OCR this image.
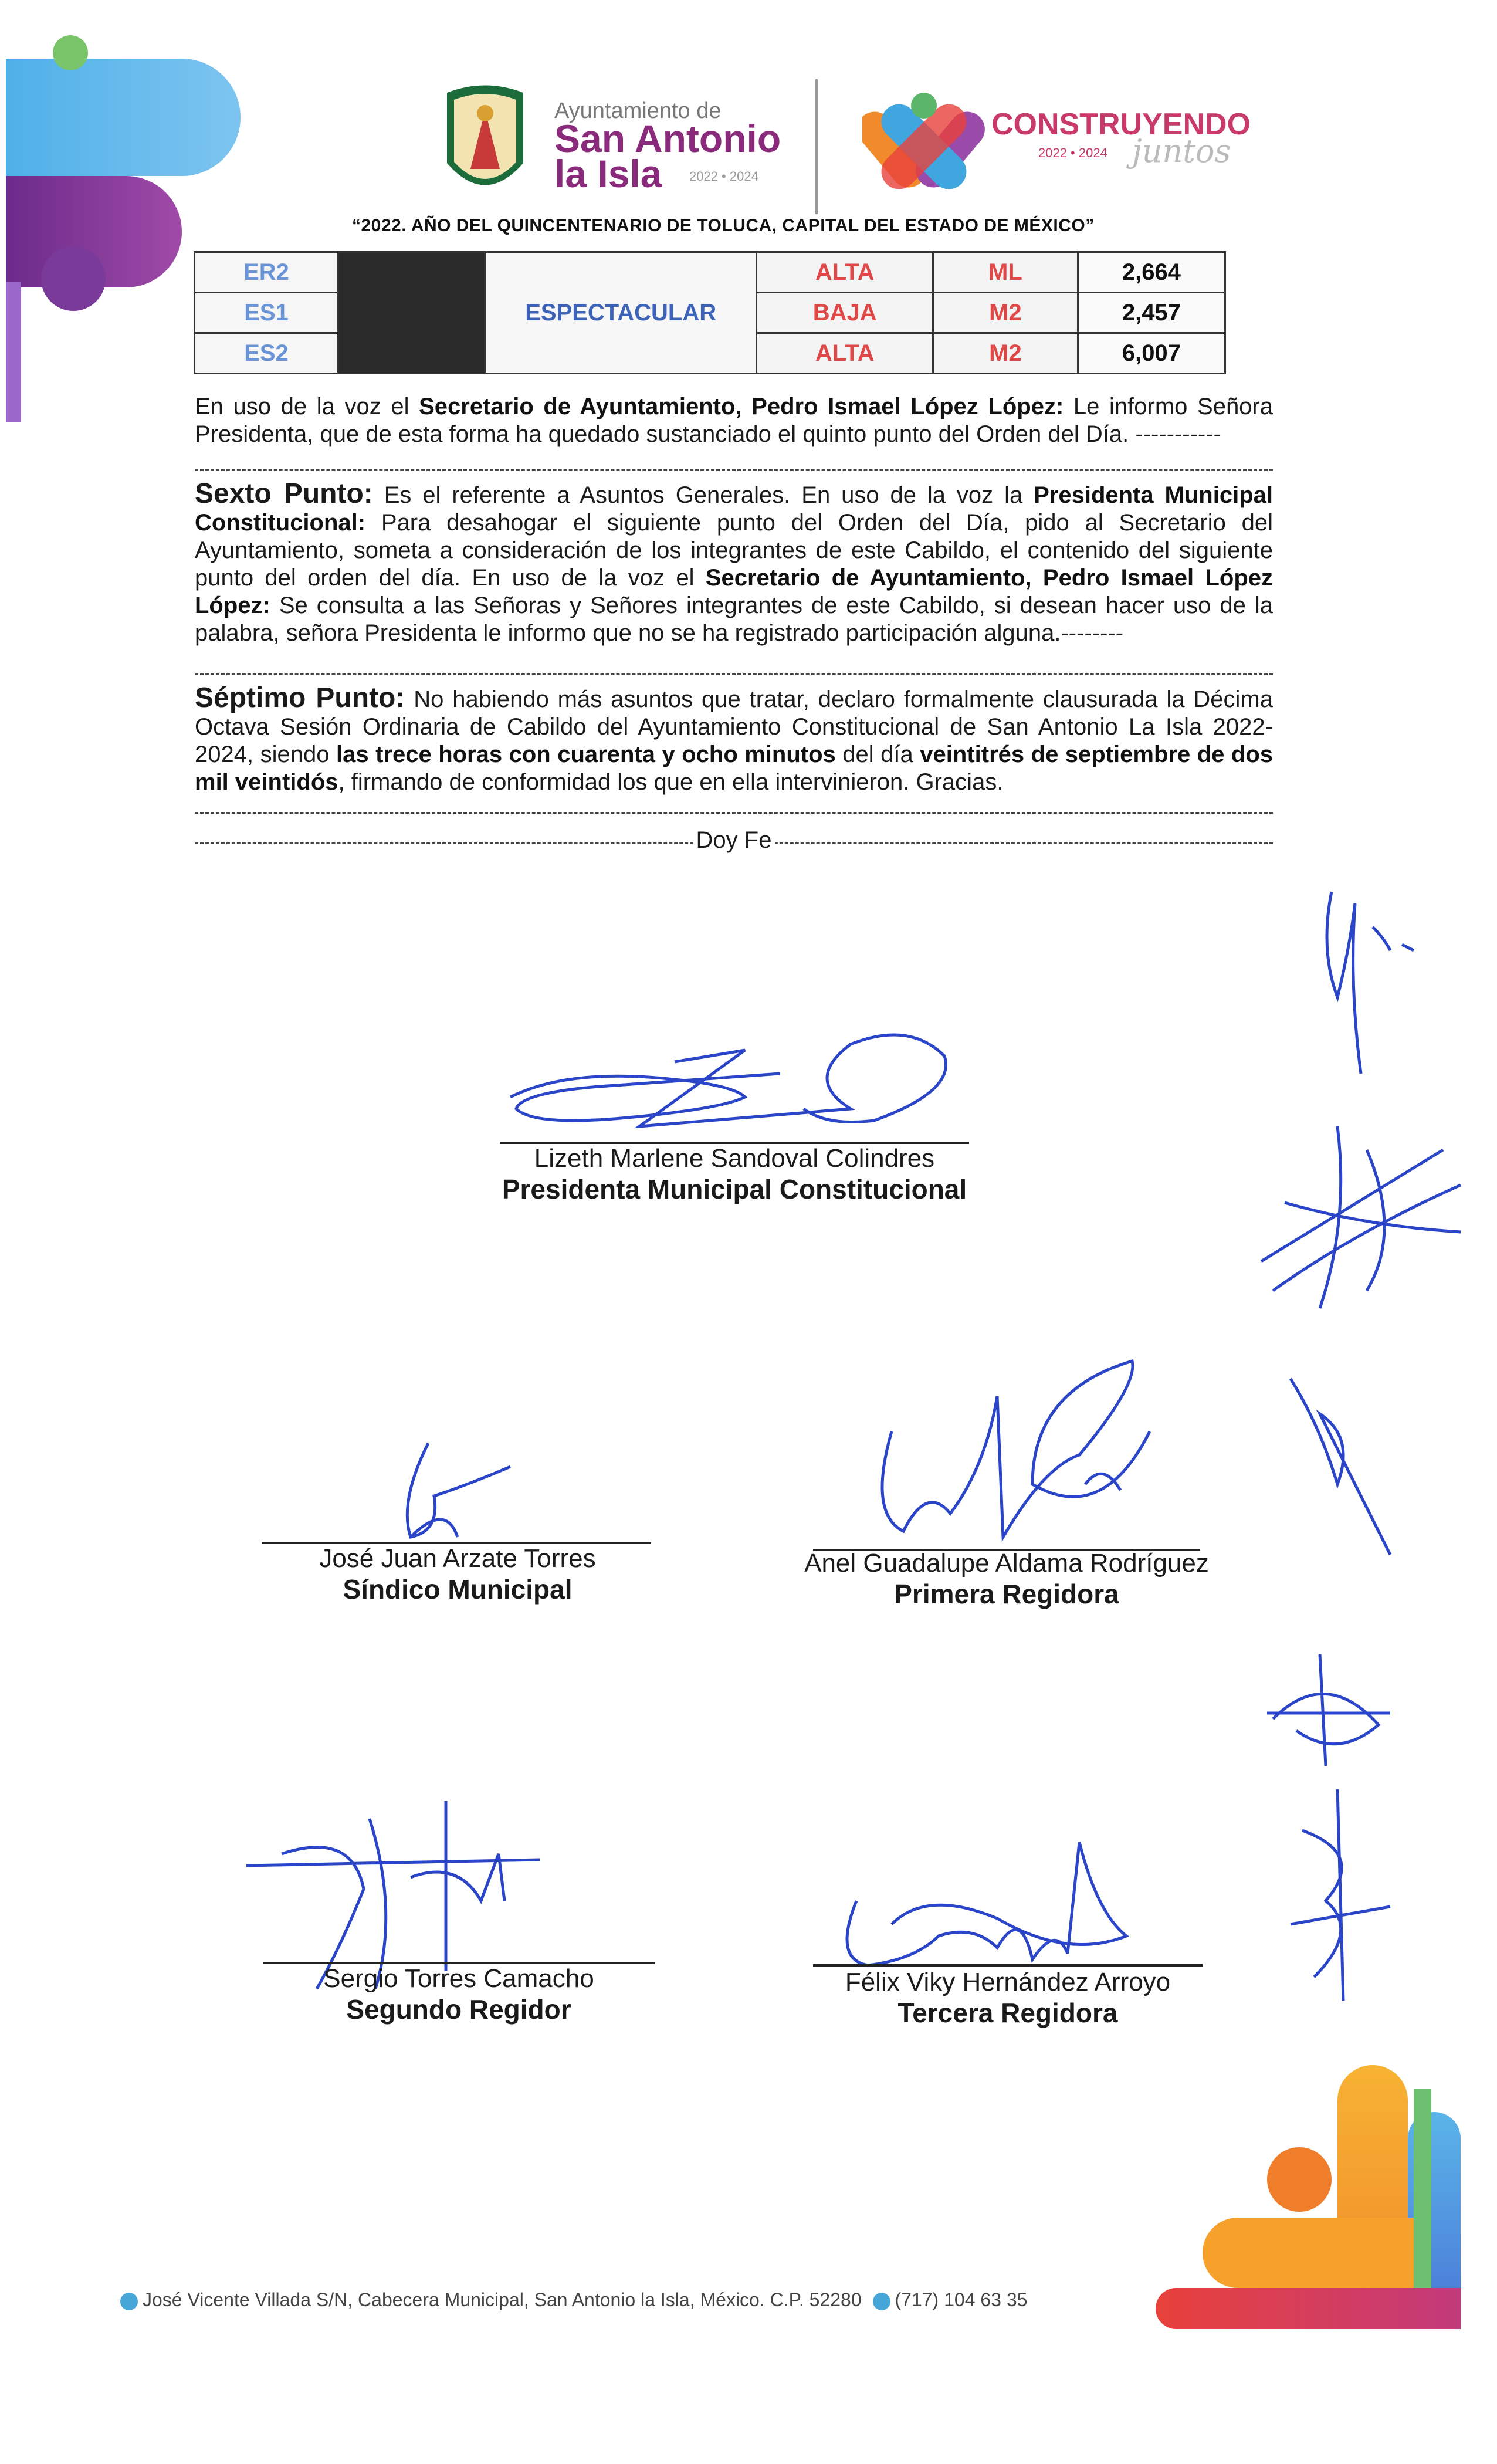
Ayuntamiento de
San Antonio
la Isla 2022 • 2024
CONSTRUYENDO
2022 • 2024 juntos
“2022. AÑO DEL QUINCENTENARIO DE TOLUCA, CAPITAL DEL ESTADO DE MÉXICO”
ER2		ESPECTACULAR	ALTA	ML	2,664
ES1			BAJA	M2	2,457
ES2			ALTA	M2	6,007
En uso de la voz el Secretario de Ayuntamiento, Pedro Ismael López López: Le informo Señora Presidenta, que de esta forma ha quedado sustanciado el quinto punto del Orden del Día. -----------
Sexto Punto: Es el referente a Asuntos Generales. En uso de la voz la Presidenta Municipal Constitucional: Para desahogar el siguiente punto del Orden del Día, pido al Secretario del Ayuntamiento, someta a consideración de los integrantes de este Cabildo, el contenido del siguiente punto del orden del día. En uso de la voz el Secretario de Ayuntamiento, Pedro Ismael López López: Se consulta a las Señoras y Señores integrantes de este Cabildo, si desean hacer uso de la palabra, señora Presidenta le informo que no se ha registrado participación alguna.--------
Séptimo Punto: No habiendo más asuntos que tratar, declaro formalmente clausurada la Décima Octava Sesión Ordinaria de Cabildo del Ayuntamiento Constitucional de San Antonio La Isla 2022-2024, siendo las trece horas con cuarenta y ocho minutos del día veintitrés de septiembre de dos mil veintidós, firmando de conformidad los que en ella intervinieron. Gracias.
Doy Fe
Lizeth Marlene Sandoval Colindres
Presidenta Municipal Constitucional
José Juan Arzate Torres
Síndico Municipal
Anel Guadalupe Aldama Rodríguez
Primera Regidora
Sergio Torres Camacho
Segundo Regidor
Félix Viky Hernández Arroyo
Tercera Regidora
José Vicente Villada S/N, Cabecera Municipal, San Antonio la Isla, México. C.P. 52280 (717) 104 63 35
